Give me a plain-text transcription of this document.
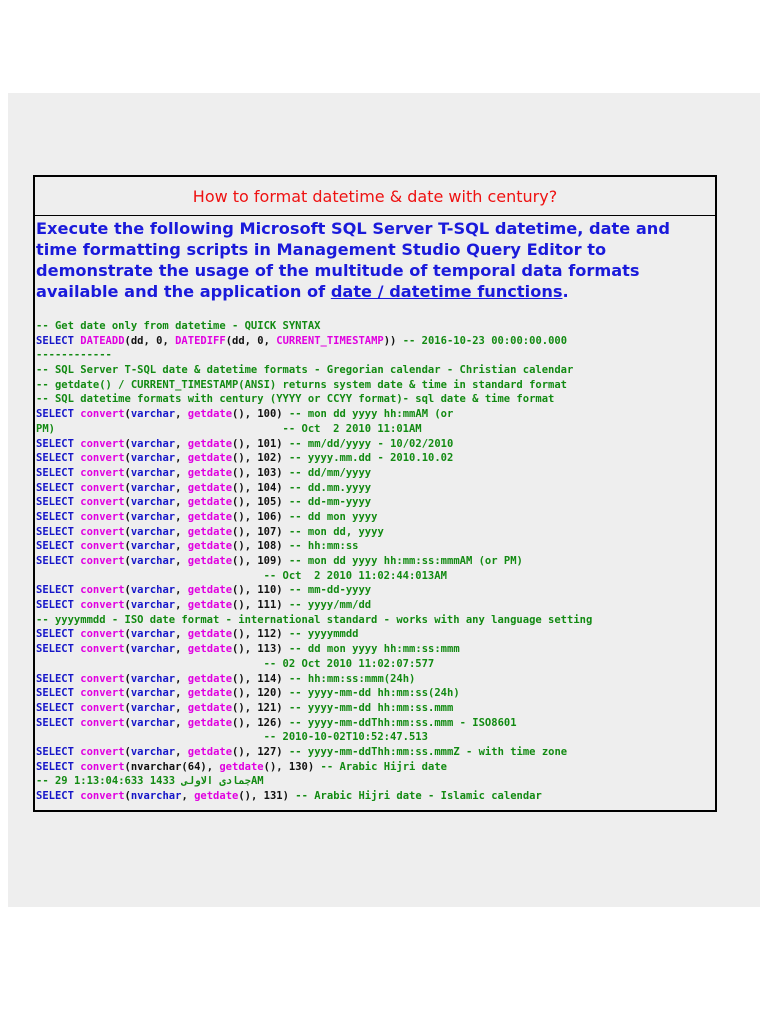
How to format datetime & date with century?
Execute the following Microsoft SQL Server T-SQL datetime, date and time formatting scripts in Management Studio Query Editor to demonstrate the usage of the multitude of temporal data formats available and the application of date / datetime functions.
-- Get date only from datetime - QUICK SYNTAX
SELECT DATEADD(dd, 0, DATEDIFF(dd, 0, CURRENT_TIMESTAMP)) -- 2016-10-23 00:00:00.000
------------
-- SQL Server T-SQL date & datetime formats - Gregorian calendar - Christian calendar
-- getdate() / CURRENT_TIMESTAMP(ANSI) returns system date & time in standard format
-- SQL datetime formats with century (YYYY or CCYY format)- sql date & time format
SELECT convert(varchar, getdate(), 100) -- mon dd yyyy hh:mmAM (or
PM)                                    -- Oct  2 2010 11:01AM
SELECT convert(varchar, getdate(), 101) -- mm/dd/yyyy - 10/02/2010
SELECT convert(varchar, getdate(), 102) -- yyyy.mm.dd - 2010.10.02
SELECT convert(varchar, getdate(), 103) -- dd/mm/yyyy
SELECT convert(varchar, getdate(), 104) -- dd.mm.yyyy
SELECT convert(varchar, getdate(), 105) -- dd-mm-yyyy
SELECT convert(varchar, getdate(), 106) -- dd mon yyyy
SELECT convert(varchar, getdate(), 107) -- mon dd, yyyy
SELECT convert(varchar, getdate(), 108) -- hh:mm:ss
SELECT convert(varchar, getdate(), 109) -- mon dd yyyy hh:mm:ss:mmmAM (or PM)
-- Oct  2 2010 11:02:44:013AM
SELECT convert(varchar, getdate(), 110) -- mm-dd-yyyy
SELECT convert(varchar, getdate(), 111) -- yyyy/mm/dd
-- yyyymmdd - ISO date format - international standard - works with any language setting
SELECT convert(varchar, getdate(), 112) -- yyyymmdd
SELECT convert(varchar, getdate(), 113) -- dd mon yyyy hh:mm:ss:mmm
-- 02 Oct 2010 11:02:07:577
SELECT convert(varchar, getdate(), 114) -- hh:mm:ss:mmm(24h)
SELECT convert(varchar, getdate(), 120) -- yyyy-mm-dd hh:mm:ss(24h)
SELECT convert(varchar, getdate(), 121) -- yyyy-mm-dd hh:mm:ss.mmm
SELECT convert(varchar, getdate(), 126) -- yyyy-mm-ddThh:mm:ss.mmm - ISO8601
-- 2010-10-02T10:52:47.513
SELECT convert(varchar, getdate(), 127) -- yyyy-mm-ddThh:mm:ss.mmmZ - with time zone
SELECT convert(nvarchar(64), getdate(), 130) -- Arabic Hijri date
-- 29 جمادى الاولى 1433 1:13:04:633AM
SELECT convert(nvarchar, getdate(), 131) -- Arabic Hijri date - Islamic calendar
